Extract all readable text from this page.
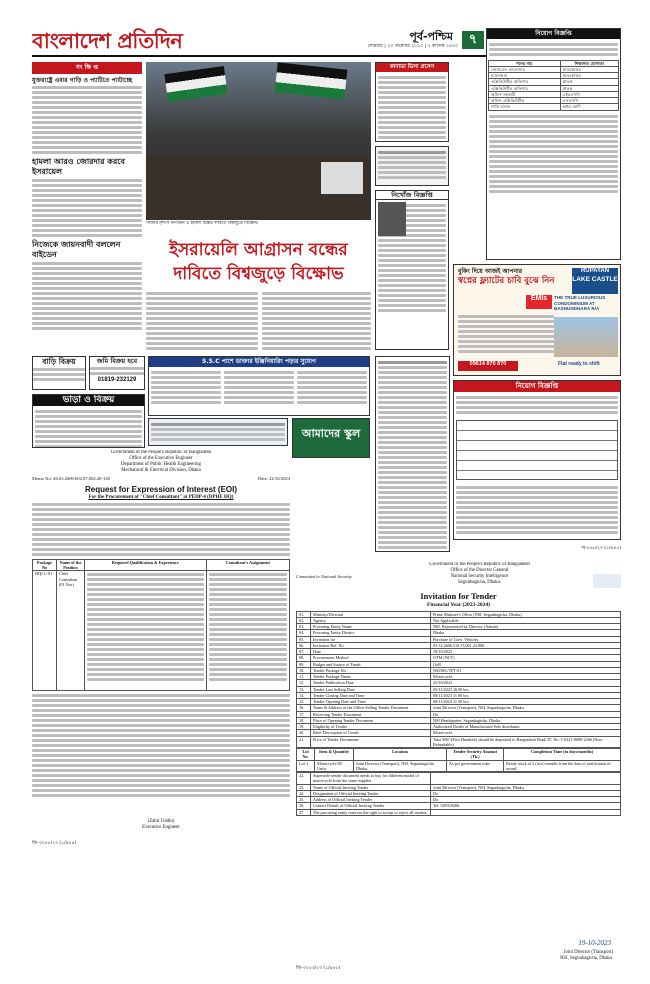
বাংলাদেশ প্রতিদিন	পূর্ব-পশ্চিম
সোমবার | ২৩ অক্টোবর ২০২৩ | ৭ কার্তিক ১৪৩০ ৭
সং ক্ষি প্ত
যুক্তরাষ্ট্রে এবার গাড়ি ও প্যাটিতে প্যাটাচ্ছে
হামলা আরও জোরদার করবে ইসরায়েল
নিজেকে জায়নবাদী বললেন বাইডেন
গাজায় নৃশংস নিপীড়ন ও হামলা বন্ধের দাবিতে বিশ্বজুড়ে বিক্ষোভ
ইসরায়েলি আগ্রাসন বন্ধের
দাবিতে বিশ্বজুড়ে বিক্ষোভ
কানাডা ভিসা প্রসেস
নিখোঁজ বিজ্ঞপ্তি
নিয়োগ বিজ্ঞপ্তি
পদের নাম	শিক্ষাগত যোগ্যতা
জেনারেল ম্যানেজার	স্নাতকোত্তর
ম্যানেজার	স্নাতকোত্তর
এক্সিকিউটিভ অফিসার	স্নাতক
এক্সিকিউটিভ অফিসার	স্নাতক
অফিস সহকারী	এইচএসসি
অফিস এক্সিকিউটিভ	এসএসসি
গাড়ি চালক	অষ্টম শ্রেণি
বুকিং দিয়ে আজই আপনার
স্বপ্নের ফ্ল্যাটের চাবি বুঝে নিন
RUPAYAN
LAKE CASTLE
EMIs	THE TRUE LUXURIOUS CONDOMINIUM AT BASHUNDHARA R/A
09614 870 870	Flat ready to shift
নিয়োগ বিজ্ঞপ্তি
বাড়ি বিক্রয়	জমি বিক্রয় হবে
01819-232129
ভাড়া ও বিক্রয়
S.S.C পাশে ডাক্তার ইঞ্জিনিয়ারিং পড়ার সুযোগ
আমাদের স্কুল
Government of the People's Republic of Bangladesh
Office of the Executive Engineer
Department of Public Health Engineering
Mechanical & Electrical Division, Dhaka
Memo No: 46.03.2600.002.07.002.20-138	Date: 22/10/2023
Request for Expression of Interest (EOI)
For the Procurement of "Chief Consultant" at PEDP-4 (DPHE HQ)
Package No	Name of the Position	Required Qualification & Experience	Consultant's Assignment
HQCC-01	Chief Consultant (01 Nos)	

(Zahir Uddin)
Executive Engineer
জি-৩০৫৮/২৩ (১/৯৪৪)
Committed to National Security
Government of the People's Republic of Bangladesh
Office of the Director General
National Security Intelligence
Segunbagicha, Dhaka.
Invitation for Tender
Financial Year (2023-2024)
01.	Ministry/Division	Prime Minister's Office (NSI, Segunbagicha, Dhaka).
02.	Agency	Not Applicable
03.	Procuring Entity Name	NSI, Represented by Director (Admin)
04.	Procuring Entity District	Dhaka
05.	Invitation for	Purchase of Govt. Vehicles.
06.	Invitation Ref. No.	03.12.2666.510.33.001.23.886
07.	Date	19/10/2023
08.	Procurement Method	OTM (NCT)
09.	Budget and Source of Funds	GoB
10.	Tender Package No.	NSI/MC/TPT-01
11.	Tender Package Name	Motorcycle
12.	Tender Publication Date	23/10/2023
13.	Tender Last Selling Date	05/11/2023 16.00 hrs.
14.	Tender Closing Date and Time	08/11/2023 11.00 hrs.
15.	Tender Opening Date and Time	08/11/2023 11.30 hrs.
16.	Name & Address of the Office Selling Tender Document	Joint Director (Transport), NSI, Segunbagicha, Dhaka.
17.	Receiving Tender Document	Do
18.	Place of Opening Tender Document	NSI Headquarter, Segunbagicha, Dhaka.
19.	Eligibility of Tender	Authorized Dealer of Manufacturer/Sole distributor.
20.	Brief Description of Goods	Motorcycle
21.	Price of Tender Documents	Taka 500/-(Five Hundred) should be deposited to Bangladesh Bank TC No. 1-0221-0000-2366 (Non-Refundable)
Lot No.	Item & Quantity	Location	Tender Security Amount (Tk.)	Completion Time (in days/months)
Lot-1	Motorcycle 80 Units	Joint Director (Transport), NSI, Segunbagicha, Dhaka.	As per government rules	Ready stock of 2 (two) months from the date of notification of award.
22.	Supersede tender document needs to buy for different model of motorcycle from the same supplier.	
23.	Name of Official Inviting Tender	Joint Director (Transport), NSI, Segunbagicha, Dhaka.
24.	Designation of Official Inviting Tender	Do
25.	Address of Official Inviting Tender	Do
26.	Contact Details of Official Inviting Tender	Tel: 029319268
27.	The procuring entity reserves the right to accept or reject all tenders.	
19-10-2023
Joint Director (Transport)
NSI, Segunbagicha, Dhaka.
জি-৩০৫৩/২৩ (১/৯৪৮)
বি-৮৬৮/২৩ (১/৯৪৫)
